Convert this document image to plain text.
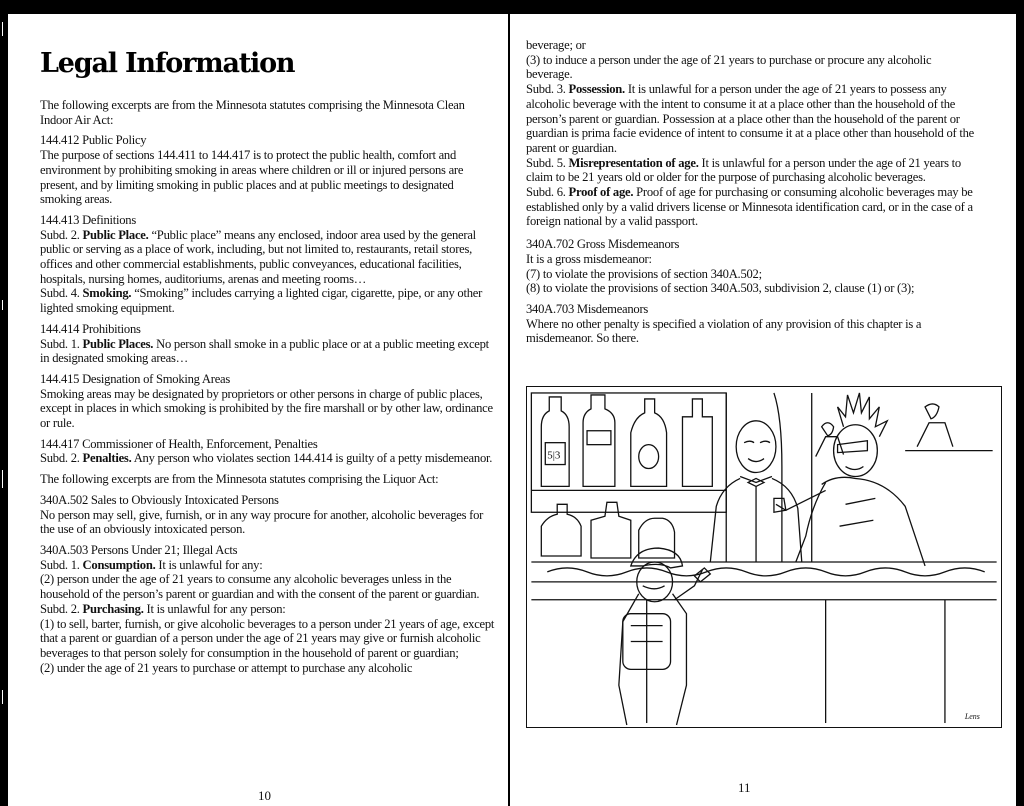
Legal Information

The following excerpts are from the Minnesota statutes comprising the Minnesota Clean Indoor Air Act:

144.412 Public Policy
The purpose of sections 144.411 to 144.417 is to protect the public health, comfort and environment by prohibiting smoking in areas where children or ill or injured persons are present, and by limiting smoking in public places and at public meetings to designated smoking areas.

144.413 Definitions
Subd. 2. Public Place. “Public place” means any enclosed, indoor area used by the general public or serving as a place of work, including, but not limited to, restaurants, retail stores, offices and other commercial establishments, public conveyances, educational facilities, hospitals, nursing homes, auditoriums, arenas and meeting rooms…
Subd. 4. Smoking. “Smoking” includes carrying a lighted cigar, cigarette, pipe, or any other lighted smoking equipment.

144.414 Prohibitions
Subd. 1. Public Places. No person shall smoke in a public place or at a public meeting except in designated smoking areas…

144.415 Designation of Smoking Areas
Smoking areas may be designated by proprietors or other persons in charge of public places, except in places in which smoking is prohibited by the fire marshall or by other law, ordinance or rule.

144.417 Commissioner of Health, Enforcement, Penalties
Subd. 2. Penalties. Any person who violates section 144.414 is guilty of a petty misdemeanor.

The following excerpts are from the Minnesota statutes comprising the Liquor Act:

340A.502 Sales to Obviously Intoxicated Persons
No person may sell, give, furnish, or in any way procure for another, alcoholic beverages for the use of an obviously intoxicated person.

340A.503 Persons Under 21; Illegal Acts
Subd. 1. Consumption. It is unlawful for any:
(2) person under the age of 21 years to consume any alcoholic beverages unless in the household of the person’s parent or guardian and with the consent of the parent or guardian.
Subd. 2. Purchasing. It is unlawful for any person:
(1) to sell, barter, furnish, or give alcoholic beverages to a person under 21 years of age, except that a parent or guardian of a person under the age of 21 years may give or furnish alcoholic beverages to that person solely for consumption in the household of parent or guardian;
(2) under the age of 21 years to purchase or attempt to purchase any alcoholic

10

beverage; or
(3) to induce a person under the age of 21 years to purchase or procure any alcoholic beverage.
Subd. 3. Possession. It is unlawful for a person under the age of 21 years to possess any alcoholic beverage with the intent to consume it at a place other than the household of the person’s parent or guardian. Possession at a place other than the household of the parent or guardian is prima facie evidence of intent to consume it at a place other than household of the parent or guardian.
Subd. 5. Misrepresentation of age. It is unlawful for a person under the age of 21 years to claim to be 21 years old or older for the purpose of purchasing alcoholic beverages.
Subd. 6. Proof of age. Proof of age for purchasing or consuming alcoholic beverages may be established only by a valid drivers license or Minnesota identification card, or in the case of a foreign national by a valid passport.

340A.702 Gross Misdemeanors
It is a gross misdemeanor:
(7) to violate the provisions of section 340A.502;
(8) to violate the provisions of section 340A.503, subdivision 2, clause (1) or (3);

340A.703 Misdemeanors
Where no other penalty is specified a violation of any provision of this chapter is a misdemeanor. So there.

5|3
Lens
11
